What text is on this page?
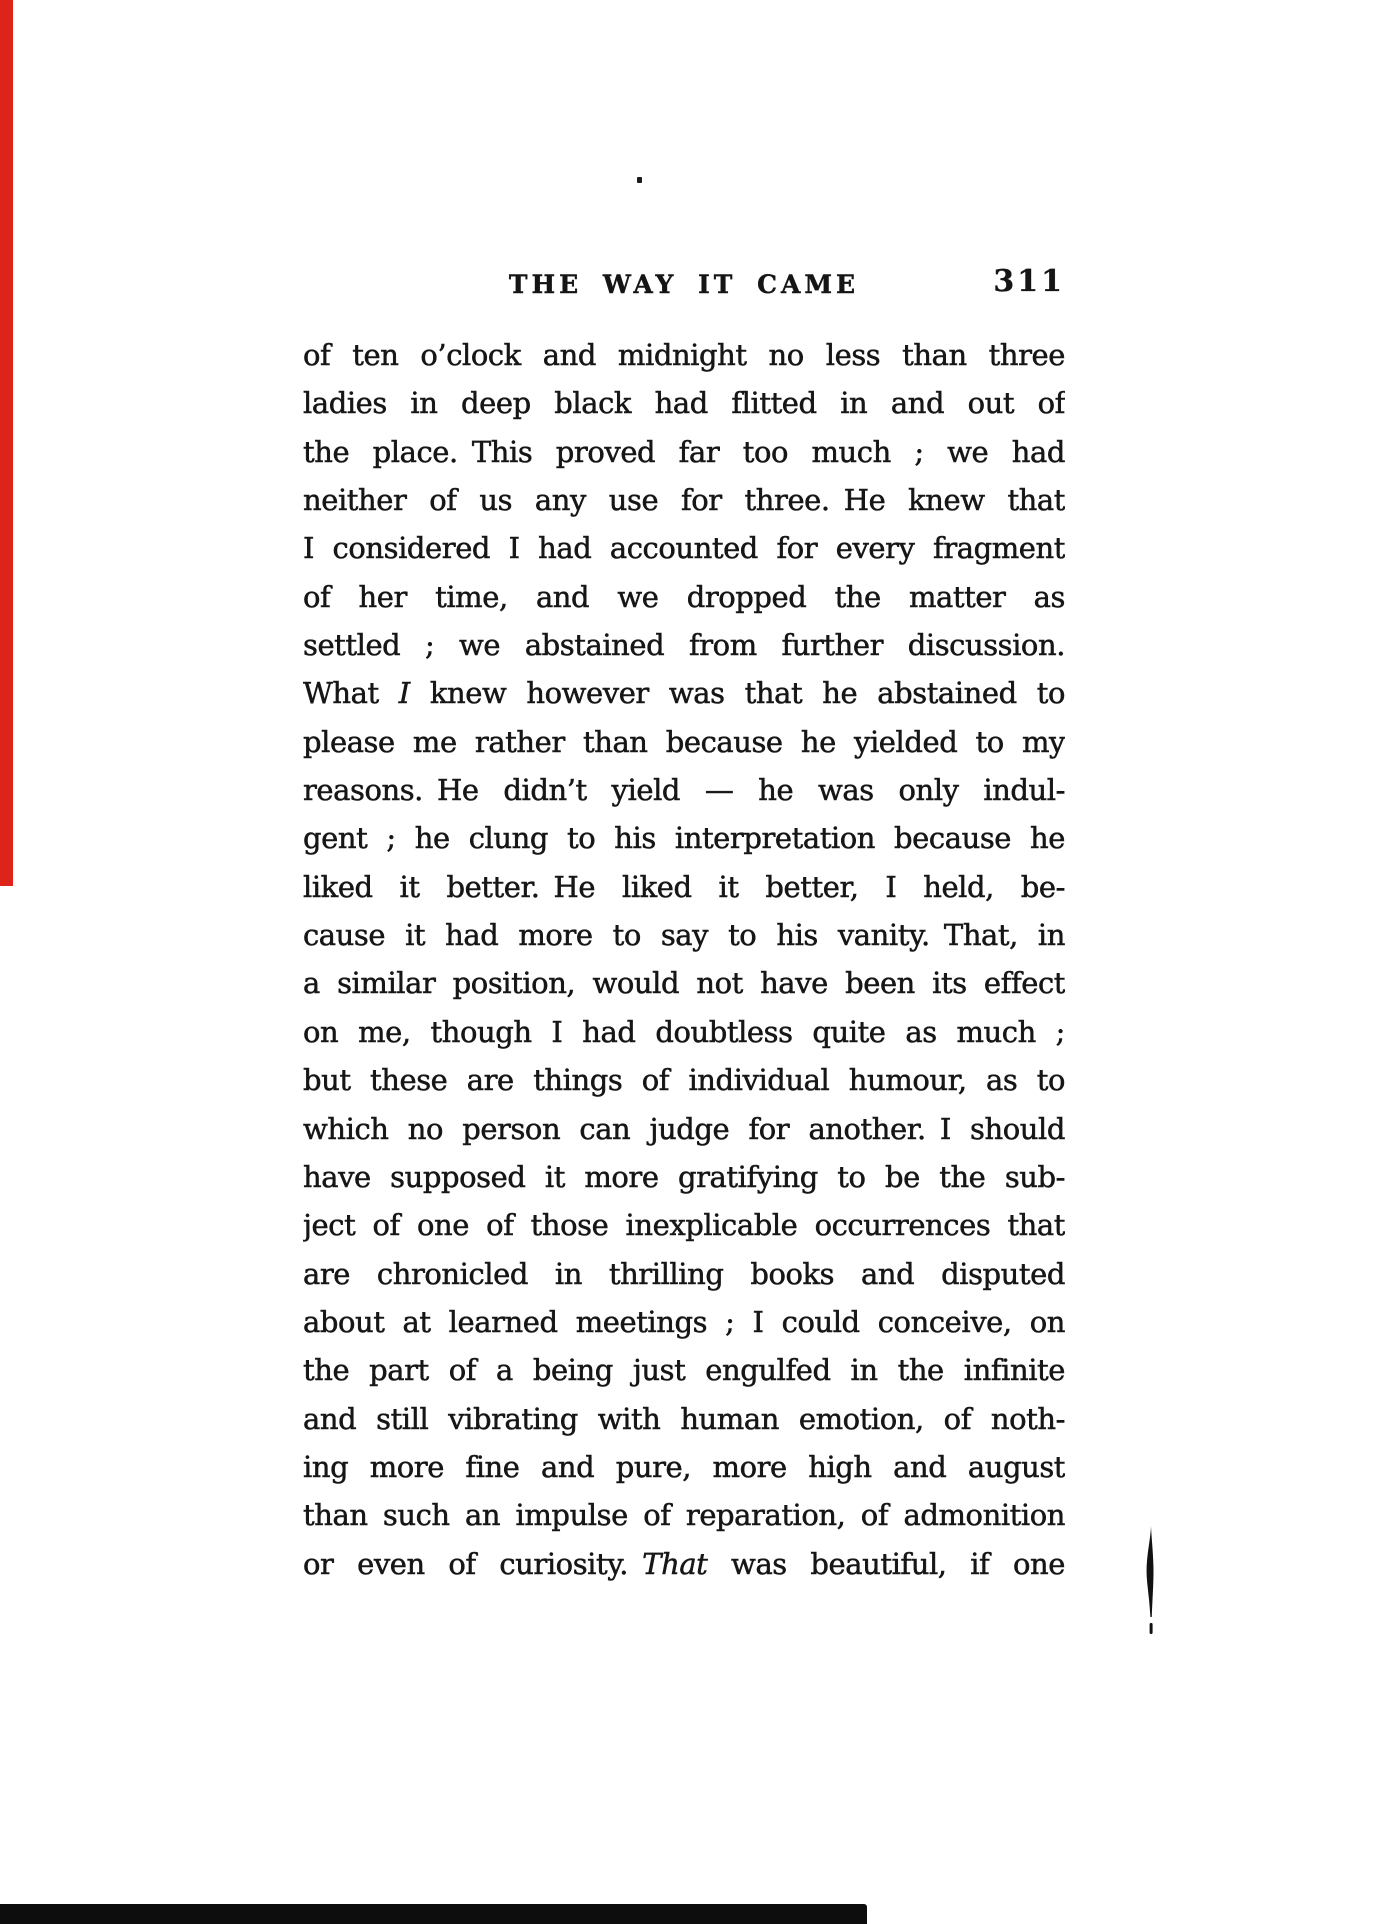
THE WAY IT CAME	311
of ten o’clock and midnight no less than three
ladies in deep black had flitted in and out of
the place. This proved far too much ; we had
neither of us any use for three. He knew that
I considered I had accounted for every fragment
of her time, and we dropped the matter as
settled ; we abstained from further discussion.
What I knew however was that he abstained to
please me rather than because he yielded to my
reasons. He didn’t yield — he was only indul-
gent ; he clung to his interpretation because he
liked it better. He liked it better, I held, be-
cause it had more to say to his vanity. That, in
a similar position, would not have been its effect
on me, though I had doubtless quite as much ;
but these are things of individual humour, as to
which no person can judge for another. I should
have supposed it more gratifying to be the sub-
ject of one of those inexplicable occurrences that
are chronicled in thrilling books and disputed
about at learned meetings ; I could conceive, on
the part of a being just engulfed in the infinite
and still vibrating with human emotion, of noth-
ing more fine and pure, more high and august
than such an impulse of reparation, of admonition
or even of curiosity. That was beautiful, if one
